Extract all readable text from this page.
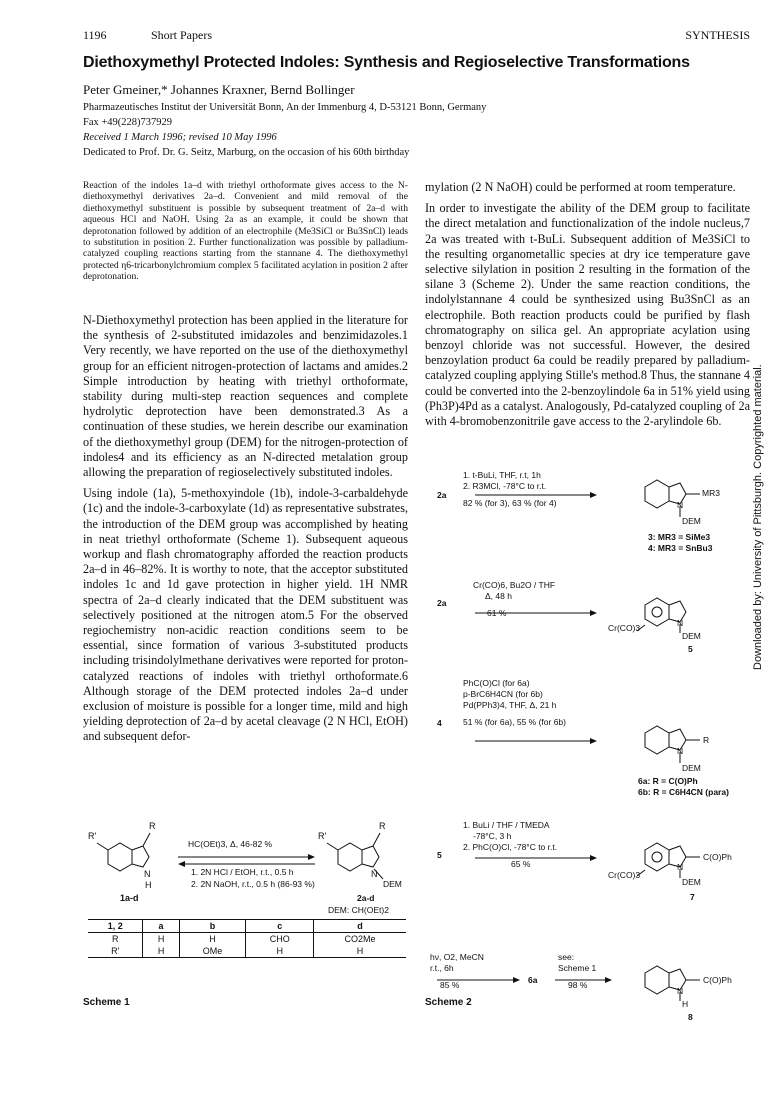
1196	Short Papers	SYNTHESIS
Diethoxymethyl Protected Indoles: Synthesis and Regioselective Transformations
Peter Gmeiner,* Johannes Kraxner, Bernd Bollinger
Pharmazeutisches Institut der Universität Bonn, An der Immenburg 4, D-53121 Bonn, Germany
Fax +49(228)737929
Received 1 March 1996; revised 10 May 1996
Dedicated to Prof. Dr. G. Seitz, Marburg, on the occasion of his 60th birthday
Reaction of the indoles 1a–d with triethyl orthoformate gives access to the N-diethoxymethyl derivatives 2a–d. Convenient and mild removal of the diethoxymethyl substituent is possible by subsequent treatment of 2a–d with aqueous HCl and NaOH. Using 2a as an example, it could be shown that deprotonation followed by addition of an electrophile (Me3SiCl or Bu3SnCl) leads to substitution in position 2. Further functionalization was possible by palladium-catalyzed coupling reactions starting from the stannane 4. The diethoxymethyl protected η6-tricarbonylchromium complex 5 facilitated acylation in position 2 after deprotonation.

N-Diethoxymethyl protection has been applied in the literature for the synthesis of 2-substituted imidazoles and benzimidazoles.1 Very recently, we have reported on the use of the diethoxymethyl group for an efficient nitrogen-protection of lactams and amides.2 Simple introduction by heating with triethyl orthoformate, stability during multi-step reaction sequences and complete hydrolytic deprotection have been demonstrated.3 As a continuation of these studies, we herein describe our examination of the diethoxymethyl group (DEM) for the nitrogen-protection of indoles4 and its efficiency as an N-directed metalation group allowing the preparation of regioselectively substituted indoles.

Using indole (1a), 5-methoxyindole (1b), indole-3-carbaldehyde (1c) and the indole-3-carboxylate (1d) as representative substrates, the introduction of the DEM group was accomplished by heating in neat triethyl orthoformate (Scheme 1). Subsequent aqueous workup and flash chromatography afforded the reaction products 2a–d in 46–82%. It is worthy to note, that the acceptor substituted indoles 1c and 1d gave protection in higher yield. 1H NMR spectra of 2a–d clearly indicated that the DEM substituent was selectively positioned at the nitrogen atom.5 For the observed regiochemistry non-acidic reaction conditions seem to be essential, since formation of various 3-substituted products including trisindolylmethane derivatives were reported for proton-catalyzed reactions of indoles with triethyl orthoformate.6 Although storage of the DEM protected indoles 2a–d under exclusion of moisture is possible for a longer time, mild and high yielding deprotection of 2a–d by acetal cleavage (2 N HCl, EtOH) and subsequent defor-

mylation (2 N NaOH) could be performed at room temperature.

In order to investigate the ability of the DEM group to facilitate the direct metalation and functionalization of the indole nucleus,7 2a was treated with t-BuLi. Subsequent addition of Me3SiCl to the resulting organometallic species at dry ice temperature gave selective silylation in position 2 resulting in the formation of the silane 3 (Scheme 2). Under the same reaction conditions, the indolylstannane 4 could be synthesized using Bu3SnCl as an electrophile. Both reaction products could be purified by flash chromatography on silica gel. An appropriate acylation using benzoyl chloride was not successful. However, the desired benzoylation product 6a could be readily prepared by palladium-catalyzed coupling applying Stille's method.8 Thus, the stannane 4 could be converted into the 2-benzoylindole 6a in 51% yield using (Ph3P)4Pd as a catalyst. Analogously, Pd-catalyzed coupling of 2a with 4-bromobenzonitrile gave access to the 2-arylindole 6b.	Downloaded by: University of Pittsburgh. Copyrighted material.
R'
R
N
H
1a-d
R'
R
N
HC(OEt)3, Δ, 46-82 %
1. 2N HCl / EtOH, r.t., 0.5 h
2. 2N NaOH, r.t., 0.5 h (86-93 %)	DEM
2a-d
DEM: CH(OEt)2
1, 2	a	b	c	d
R	H	H	CHO	CO2Me
R'	H	OMe	H	H
Scheme 1
2a
1. t-BuLi, THF, r.t, 1h
2. R3MCl, -78°C to r.t.
82 % (for 3), 63 % (for 4)
MR3
N
DEM
3: MR3 = SiMe3
4: MR3 = SnBu3
2a
Cr(CO)6, Bu2O / THF
Δ, 48 h
61 %
Cr(CO)3	N
DEM
5
4
PhC(O)Cl (for 6a)
p-BrC6H4CN (for 6b)
Pd(PPh3)4, THF, Δ, 21 h
51 % (for 6a), 55 % (for 6b)
R
N
DEM
6a: R = C(O)Ph
6b: R = C6H4CN (para)
5
1. BuLi / THF / TMEDA
-78°C, 3 h
2. PhC(O)Cl, -78°C to r.t.
65 %
C(O)Ph
Cr(CO)3
N
DEM
7
hν, O2, MeCN
r.t., 6h
85 %	6a
see:
Scheme 1
98 %	C(O)Ph
N
H
8
Scheme 2
